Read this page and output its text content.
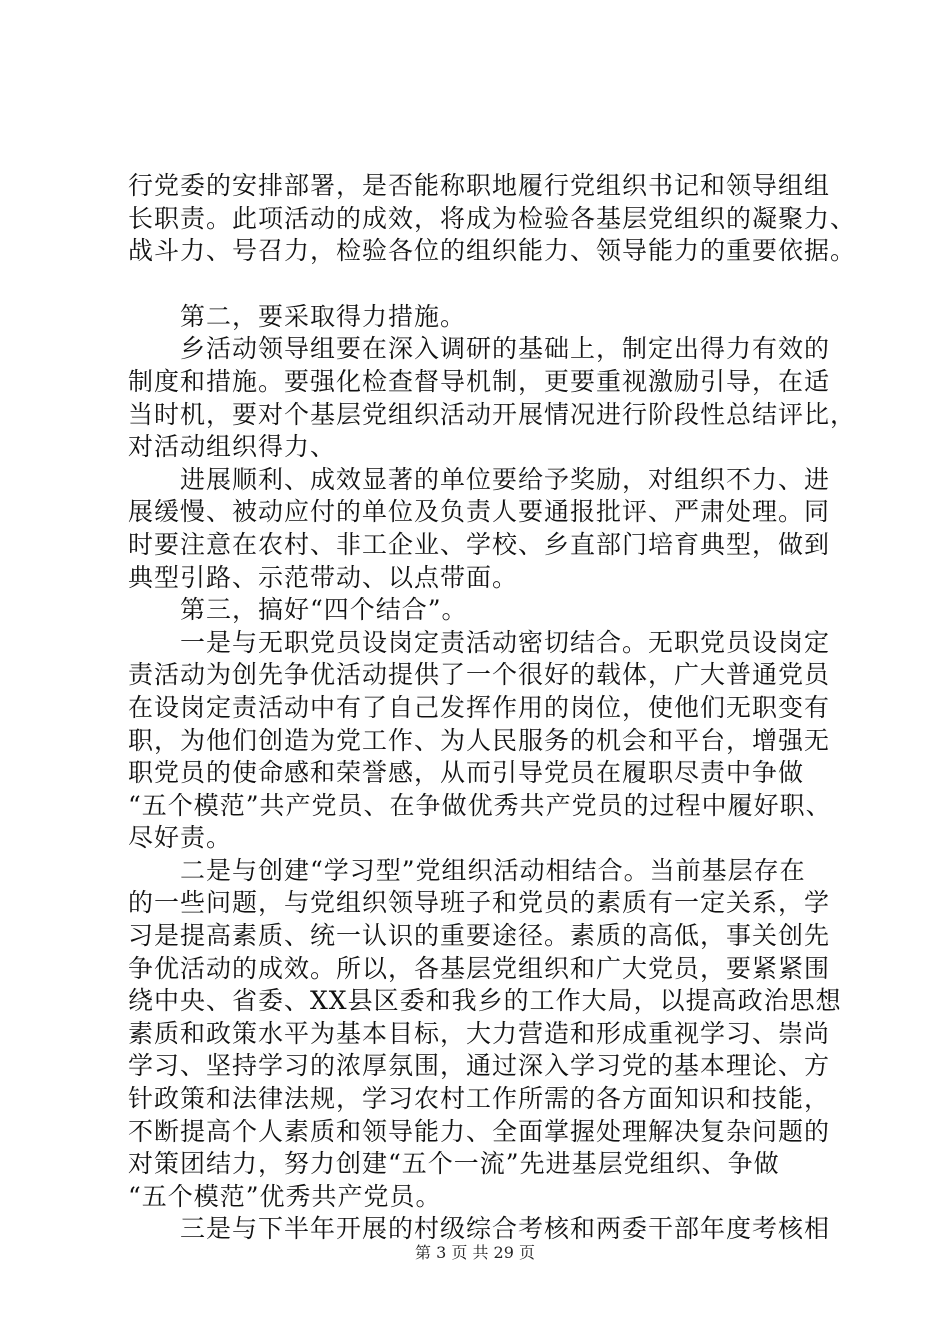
行党委的安排部署，是否能称职地履行党组织书记和领导组组
长职责。此项活动的成效，将成为检验各基层党组织的凝聚力、
战斗力、号召力，检验各位的组织能力、领导能力的重要依据。
第二，要采取得力措施。
乡活动领导组要在深入调研的基础上，制定出得力有效的
制度和措施。要强化检查督导机制，更要重视激励引导，在适
当时机，要对个基层党组织活动开展情况进行阶段性总结评比，
对活动组织得力、
进展顺利、成效显著的单位要给予奖励，对组织不力、进
展缓慢、被动应付的单位及负责人要通报批评、严肃处理。同
时要注意在农村、非工企业、学校、乡直部门培育典型，做到
典型引路、示范带动、以点带面。
第三，搞好“四个结合”。
一是与无职党员设岗定责活动密切结合。无职党员设岗定
责活动为创先争优活动提供了一个很好的载体，广大普通党员
在设岗定责活动中有了自己发挥作用的岗位，使他们无职变有
职，为他们创造为党工作、为人民服务的机会和平台，增强无
职党员的使命感和荣誉感，从而引导党员在履职尽责中争做
“五个模范”共产党员、在争做优秀共产党员的过程中履好职、
尽好责。
二是与创建“学习型”党组织活动相结合。当前基层存在
的一些问题，与党组织领导班子和党员的素质有一定关系，学
习是提高素质、统一认识的重要途径。素质的高低，事关创先
争优活动的成效。所以，各基层党组织和广大党员，要紧紧围
绕中央、省委、XX县区委和我乡的工作大局，以提高政治思想
素质和政策水平为基本目标，大力营造和形成重视学习、崇尚
学习、坚持学习的浓厚氛围，通过深入学习党的基本理论、方
针政策和法律法规，学习农村工作所需的各方面知识和技能，
不断提高个人素质和领导能力、全面掌握处理解决复杂问题的
对策团结力，努力创建“五个一流”先进基层党组织、争做
“五个模范”优秀共产党员。
三是与下半年开展的村级综合考核和两委干部年度考核相
第 3 页 共 29 页
